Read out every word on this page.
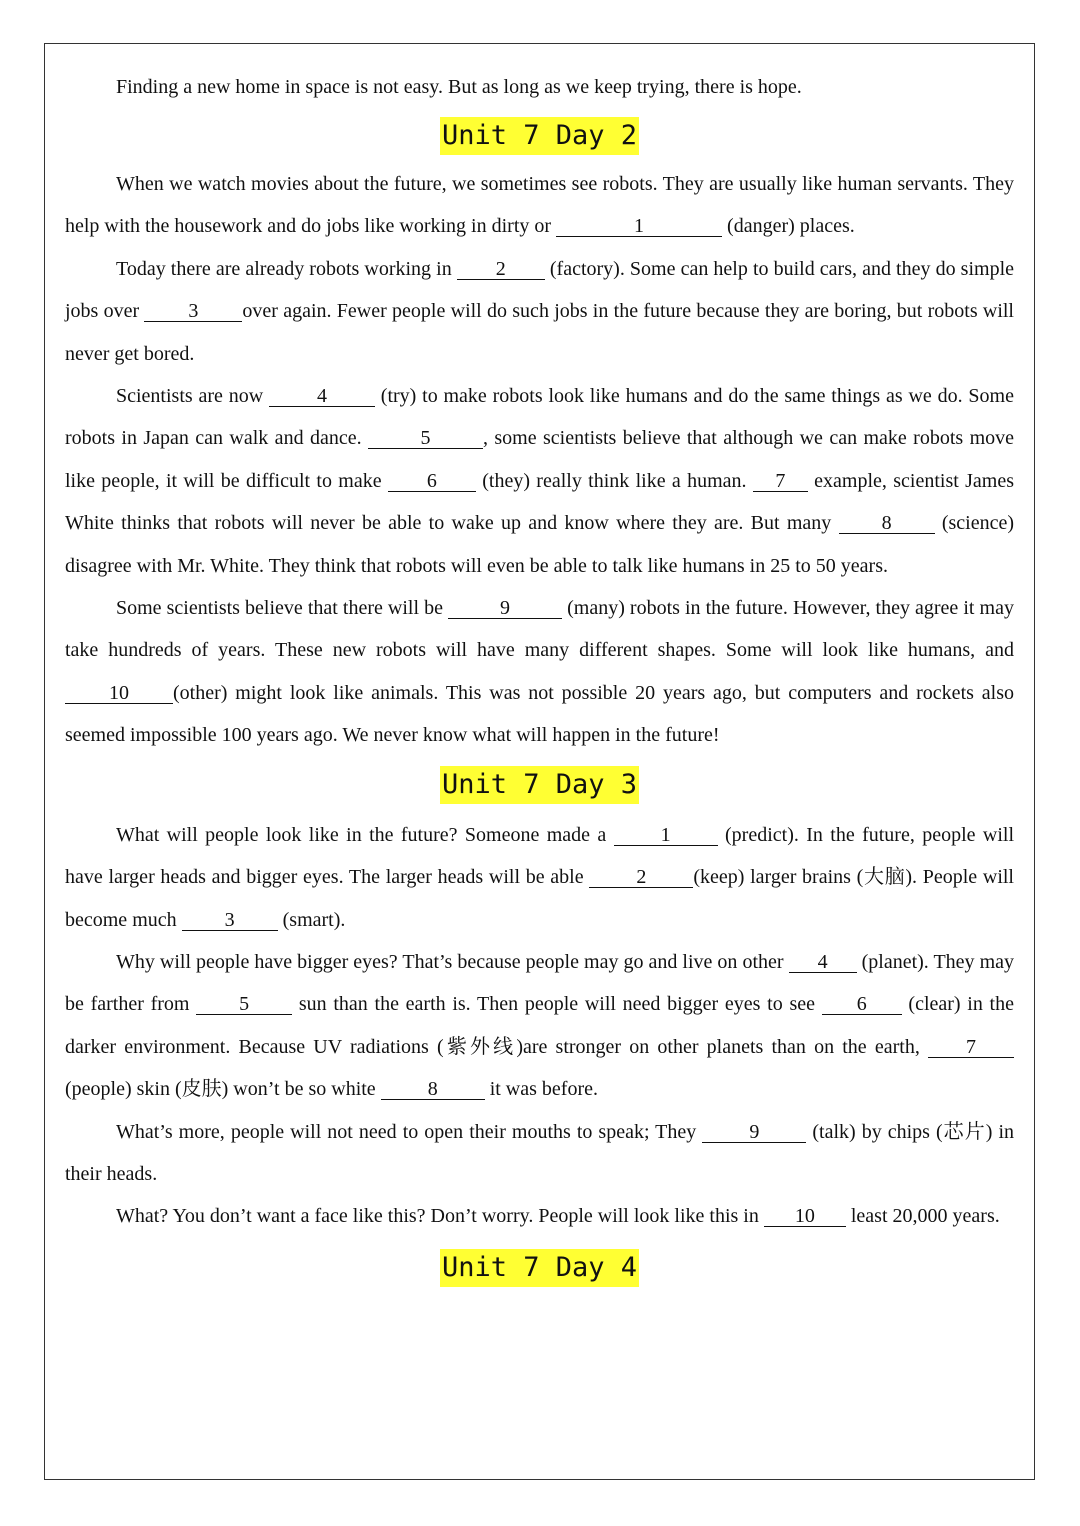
Finding a new home in space is not easy. But as long as we keep trying, there is hope.

Unit 7 Day 2

When we watch movies about the future, we sometimes see robots. They are usually like human servants. They help with the housework and do jobs like working in dirty or	1	(danger) places.

Today there are already robots working in 2 (factory). Some can help to build cars, and they do simple jobs over 3 over again. Fewer people will do such jobs in the future because they are boring, but robots will never get bored.

Scientists are now 4 (try) to make robots look like humans and do the same things as we do. Some robots in Japan can walk and dance.	5	, some scientists believe that although we can make robots move like people, it will be difficult to make 6 (they) really think like a human. 7 example, scientist James White thinks that robots will never be able to wake up and know where they are. But many 8 (science) disagree with Mr. White. They think that robots will even be able to talk like humans in 25 to 50 years.

Some scientists believe that there will be	9	(many) robots in the future. However, they agree it may take hundreds of years. These new robots will have many different shapes. Some will look like humans, and 10 (other) might look like animals. This was not possible 20 years ago, but computers and rockets also seemed impossible 100 years ago. We never know what will happen in the future!

Unit 7 Day 3

What will people look like in the future? Someone made a 1 (predict). In the future, people will have larger heads and bigger eyes. The larger heads will be able 2 (keep) larger brains (大脑). People will become much 3 (smart).

Why will people have bigger eyes? That’s because people may go and live on other 4 (planet). They may be farther from 5 sun than the earth is. Then people will need bigger eyes to see 6 (clear) in the darker environment. Because UV radiations (紫外线)are stronger on other planets than on the earth, 7 (people) skin (皮肤) won’t be so white 8 it was before.

What’s more, people will not need to open their mouths to speak; They 9 (talk) by chips (芯片) in their heads.

What? You don’t want a face like this? Don’t worry. People will look like this in 10 least 20,000 years.

Unit 7 Day 4
